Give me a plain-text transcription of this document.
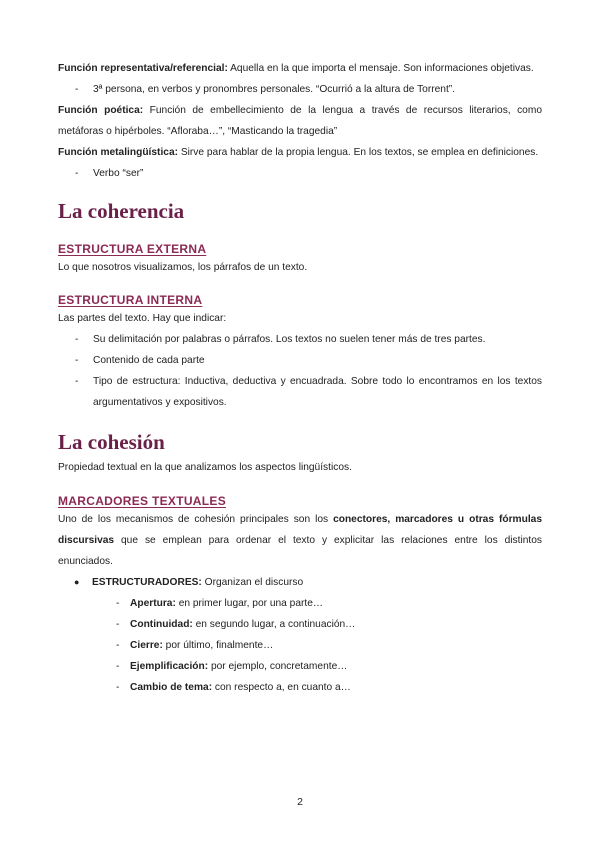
Función representativa/referencial: Aquella en la que importa el mensaje. Son informaciones objetivas.

- 3ª persona, en verbos y pronombres personales. “Ocurrió a la altura de Torrent”.

Función poética: Función de embellecimiento de la lengua a través de recursos literarios, como metáforas o hipérboles. “Afloraba…”, “Masticando la tragedia”

Función metalingüística: Sirve para hablar de la propia lengua. En los textos, se emplea en definiciones.

- Verbo “ser”

La coherencia
ESTRUCTURA EXTERNA

Lo que nosotros visualizamos, los párrafos de un texto.

ESTRUCTURA INTERNA

Las partes del texto. Hay que indicar:

- Su delimitación por palabras o párrafos. Los textos no suelen tener más de tres partes.

- Contenido de cada parte

- Tipo de estructura: Inductiva, deductiva y encuadrada. Sobre todo lo encontramos en los textos argumentativos y expositivos.

La cohesión

Propiedad textual en la que analizamos los aspectos lingüísticos.

MARCADORES TEXTUALES

Uno de los mecanismos de cohesión principales son los conectores, marcadores u otras fórmulas discursivas que se emplean para ordenar el texto y explicitar las relaciones entre los distintos enunciados.

● ESTRUCTURADORES: Organizan el discurso

- Apertura: en primer lugar, por una parte…

- Continuidad: en segundo lugar, a continuación…

- Cierre: por último, finalmente…

- Ejemplificación: por ejemplo, concretamente…

- Cambio de tema: con respecto a, en cuanto a…

2
